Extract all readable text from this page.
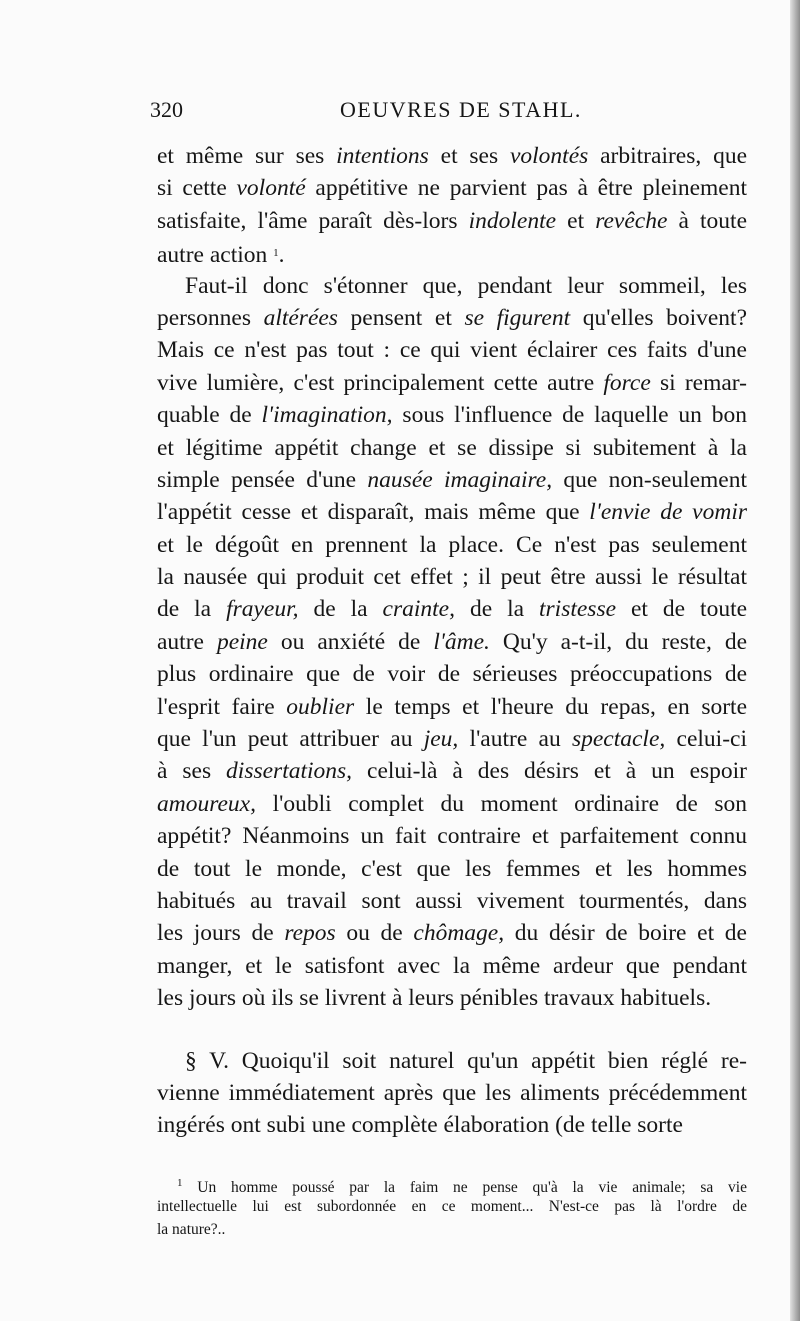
320	OEUVRES DE STAHL.
et même sur ses intentions et ses volontés arbitraires, que
si cette volonté appétitive ne parvient pas à être pleinement
satisfaite, l'âme paraît dès-lors indolente et revêche à toute
autre action $^1$.
Faut-il donc s'étonner que, pendant leur sommeil, les
personnes altérées pensent et se figurent qu'elles boivent?
Mais ce n'est pas tout : ce qui vient éclairer ces faits d'une
vive lumière, c'est principalement cette autre force si remar-
quable de l'imagination, sous l'influence de laquelle un bon
et légitime appétit change et se dissipe si subitement à la
simple pensée d'une nausée imaginaire, que non-seulement
l'appétit cesse et disparaît, mais même que l'envie de vomir
et le dégoût en prennent la place. Ce n'est pas seulement
la nausée qui produit cet effet ; il peut être aussi le résultat
de la frayeur, de la crainte, de la tristesse et de toute
autre peine ou anxiété de l'âme. Qu'y a-t-il, du reste, de
plus ordinaire que de voir de sérieuses préoccupations de
l'esprit faire oublier le temps et l'heure du repas, en sorte
que l'un peut attribuer au jeu, l'autre au spectacle, celui-ci
à ses dissertations, celui-là à des désirs et à un espoir
amoureux, l'oubli complet du moment ordinaire de son
appétit? Néanmoins un fait contraire et parfaitement connu
de tout le monde, c'est que les femmes et les hommes
habitués au travail sont aussi vivement tourmentés, dans
les jours de repos ou de chômage, du désir de boire et de
manger, et le satisfont avec la même ardeur que pendant
les jours où ils se livrent à leurs pénibles travaux habituels.
§ V. Quoiqu'il soit naturel qu'un appétit bien réglé re-
vienne immédiatement après que les aliments précédemment
ingérés ont subi une complète élaboration (de telle sorte
$^1$ Un homme poussé par la faim ne pense qu'à la vie animale; sa vie
intellectuelle lui est subordonnée en ce moment... N'est-ce pas là l'ordre de
la nature?..
